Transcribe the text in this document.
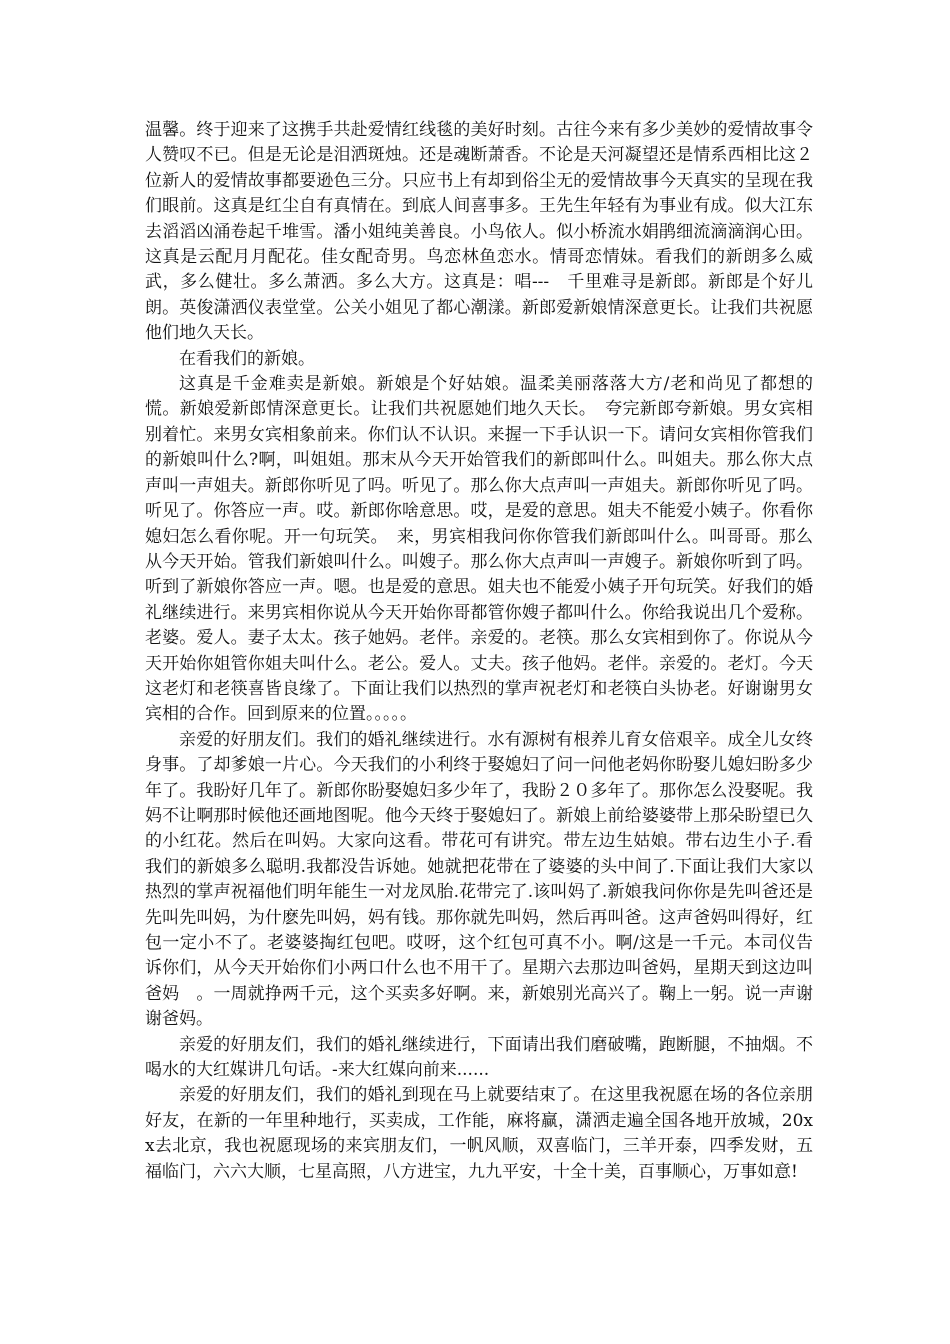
温馨。终于迎来了这携手共赴爱情红线毯的美好时刻。古往今来有多少美妙的爱情故事令人赞叹不已。但是无论是泪洒斑烛。还是魂断萧香。不论是天河凝望还是情系西相比这２位新人的爱情故事都要逊色三分。只应书上有却到俗尘无的爱情故事今天真实的呈现在我们眼前。这真是红尘自有真情在。到底人间喜事多。王先生年轻有为事业有成。似大江东去滔滔凶涌卷起千堆雪。潘小姐纯美善良。小鸟依人。似小桥流水娟鹃细流滴滴润心田。这真是云配月月配花。佳女配奇男。鸟恋林鱼恋水。情哥恋情妹。看我们的新朗多么威武，多么健壮。多么萧洒。多么大方。这真是：唱---　千里难寻是新郎。新郎是个好儿朗。英俊潇洒仪表堂堂。公关小姐见了都心潮漾。新郎爱新娘情深意更长。让我们共祝愿他们地久天长。

在看我们的新娘。

这真是千金难卖是新娘。新娘是个好姑娘。温柔美丽落落大方/老和尚见了都想的慌。新娘爱新郎情深意更长。让我们共祝愿她们地久天长。　夸完新郎夸新娘。男女宾相别着忙。来男女宾相象前来。你们认不认识。来握一下手认识一下。请问女宾相你管我们的新娘叫什么?啊，叫姐姐。那末从今天开始管我们的新郎叫什么。叫姐夫。那么你大点声叫一声姐夫。新郎你听见了吗。听见了。那么你大点声叫一声姐夫。新郎你听见了吗。听见了。你答应一声。哎。新郎你啥意思。哎，是爱的意思。姐夫不能爱小姨子。你看你媳妇怎么看你呢。开一句玩笑。　来，男宾相我问你你管我们新郎叫什么。叫哥哥。那么从今天开始。管我们新娘叫什么。叫嫂子。那么你大点声叫一声嫂子。新娘你听到了吗。听到了新娘你答应一声。嗯。也是爱的意思。姐夫也不能爱小姨子开句玩笑。好我们的婚礼继续进行。来男宾相你说从今天开始你哥都管你嫂子都叫什么。你给我说出几个爱称。老婆。爱人。妻子太太。孩子她妈。老伴。亲爱的。老筷。那么女宾相到你了。你说从今天开始你姐管你姐夫叫什么。老公。爱人。丈夫。孩子他妈。老伴。亲爱的。老灯。今天这老灯和老筷喜皆良缘了。下面让我们以热烈的掌声祝老灯和老筷白头协老。好谢谢男女宾相的合作。回到原来的位置。。。。。

亲爱的好朋友们。我们的婚礼继续进行。水有源树有根养儿育女倍艰辛。成全儿女终身事。了却爹娘一片心。今天我们的小利终于娶媳妇了问一问他老妈你盼娶儿媳妇盼多少年了。我盼好几年了。新郎你盼娶媳妇多少年了，我盼２０多年了。那你怎么没娶呢。我妈不让啊那时候他还画地图呢。他今天终于娶媳妇了。新娘上前给婆婆带上那朵盼望已久的小红花。然后在叫妈。大家向这看。带花可有讲究。带左边生姑娘。带右边生小子.看我们的新娘多么聪明.我都没告诉她。她就把花带在了婆婆的头中间了.下面让我们大家以热烈的掌声祝福他们明年能生一对龙凤胎.花带完了.该叫妈了.新娘我问你你是先叫爸还是先叫先叫妈，为什麽先叫妈，妈有钱。那你就先叫妈，然后再叫爸。这声爸妈叫得好，红包一定小不了。老婆婆掏红包吧。哎呀，这个红包可真不小。啊/这是一千元。本司仪告诉你们，从今天开始你们小两口什么也不用干了。星期六去那边叫爸妈，星期天到这边叫爸妈　。一周就挣两千元，这个买卖多好啊。来，新娘别光高兴了。鞠上一躬。说一声谢谢爸妈。

亲爱的好朋友们，我们的婚礼继续进行，下面请出我们磨破嘴，跑断腿，不抽烟。不喝水的大红媒讲几句话。-来大红媒向前来......

亲爱的好朋友们，我们的婚礼到现在马上就要结束了。在这里我祝愿在场的各位亲朋好友，在新的一年里种地行，买卖成，工作能，麻将赢，潇洒走遍全国各地开放城，20xx去北京，我也祝愿现场的来宾朋友们，一帆风顺，双喜临门，三羊开泰，四季发财，五福临门，六六大顺，七星高照，八方进宝，九九平安，十全十美，百事顺心，万事如意!
